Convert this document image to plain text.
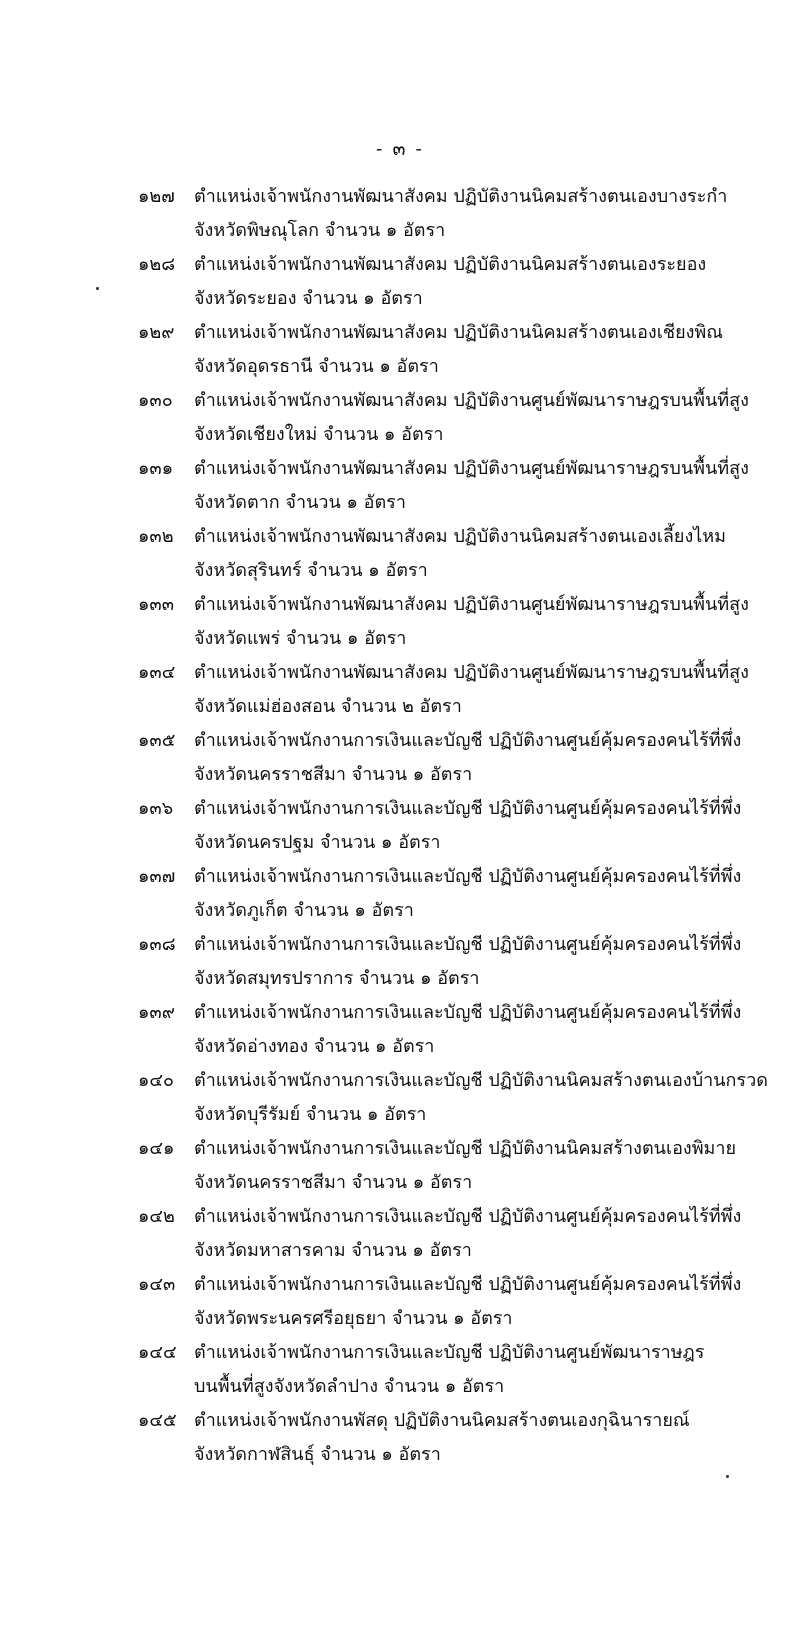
- ๓ -
๑๒๗ ตำแหน่งเจ้าพนักงานพัฒนาสังคม ปฏิบัติงานนิคมสร้างตนเองบางระกำ
จังหวัดพิษณุโลก จำนวน ๑ อัตรา
๑๒๘ ตำแหน่งเจ้าพนักงานพัฒนาสังคม ปฏิบัติงานนิคมสร้างตนเองระยอง
จังหวัดระยอง จำนวน ๑ อัตรา
๑๒๙ ตำแหน่งเจ้าพนักงานพัฒนาสังคม ปฏิบัติงานนิคมสร้างตนเองเชียงพิณ
จังหวัดอุดรธานี จำนวน ๑ อัตรา
๑๓๐ ตำแหน่งเจ้าพนักงานพัฒนาสังคม ปฏิบัติงานศูนย์พัฒนาราษฎรบนพื้นที่สูง
จังหวัดเชียงใหม่ จำนวน ๑ อัตรา
๑๓๑ ตำแหน่งเจ้าพนักงานพัฒนาสังคม ปฏิบัติงานศูนย์พัฒนาราษฎรบนพื้นที่สูง
จังหวัดตาก จำนวน ๑ อัตรา
๑๓๒ ตำแหน่งเจ้าพนักงานพัฒนาสังคม ปฏิบัติงานนิคมสร้างตนเองเลี้ยงไหม
จังหวัดสุรินทร์ จำนวน ๑ อัตรา
๑๓๓ ตำแหน่งเจ้าพนักงานพัฒนาสังคม ปฏิบัติงานศูนย์พัฒนาราษฎรบนพื้นที่สูง
จังหวัดแพร่ จำนวน ๑ อัตรา
๑๓๔ ตำแหน่งเจ้าพนักงานพัฒนาสังคม ปฏิบัติงานศูนย์พัฒนาราษฎรบนพื้นที่สูง
จังหวัดแม่ฮ่องสอน จำนวน ๒ อัตรา
๑๓๕ ตำแหน่งเจ้าพนักงานการเงินและบัญชี ปฏิบัติงานศูนย์คุ้มครองคนไร้ที่พึ่ง
จังหวัดนครราชสีมา จำนวน ๑ อัตรา
๑๓๖ ตำแหน่งเจ้าพนักงานการเงินและบัญชี ปฏิบัติงานศูนย์คุ้มครองคนไร้ที่พึ่ง
จังหวัดนครปฐม จำนวน ๑ อัตรา
๑๓๗ ตำแหน่งเจ้าพนักงานการเงินและบัญชี ปฏิบัติงานศูนย์คุ้มครองคนไร้ที่พึ่ง
จังหวัดภูเก็ต จำนวน ๑ อัตรา
๑๓๘ ตำแหน่งเจ้าพนักงานการเงินและบัญชี ปฏิบัติงานศูนย์คุ้มครองคนไร้ที่พึ่ง
จังหวัดสมุทรปราการ จำนวน ๑ อัตรา
๑๓๙ ตำแหน่งเจ้าพนักงานการเงินและบัญชี ปฏิบัติงานศูนย์คุ้มครองคนไร้ที่พึ่ง
จังหวัดอ่างทอง จำนวน ๑ อัตรา
๑๔๐ ตำแหน่งเจ้าพนักงานการเงินและบัญชี ปฏิบัติงานนิคมสร้างตนเองบ้านกรวด
จังหวัดบุรีรัมย์ จำนวน ๑ อัตรา
๑๔๑ ตำแหน่งเจ้าพนักงานการเงินและบัญชี ปฏิบัติงานนิคมสร้างตนเองพิมาย
จังหวัดนครราชสีมา จำนวน ๑ อัตรา
๑๔๒ ตำแหน่งเจ้าพนักงานการเงินและบัญชี ปฏิบัติงานศูนย์คุ้มครองคนไร้ที่พึ่ง
จังหวัดมหาสารคาม จำนวน ๑ อัตรา
๑๔๓ ตำแหน่งเจ้าพนักงานการเงินและบัญชี ปฏิบัติงานศูนย์คุ้มครองคนไร้ที่พึ่ง
จังหวัดพระนครศรีอยุธยา จำนวน ๑ อัตรา
๑๔๔ ตำแหน่งเจ้าพนักงานการเงินและบัญชี ปฏิบัติงานศูนย์พัฒนาราษฎร
บนพื้นที่สูงจังหวัดลำปาง จำนวน ๑ อัตรา
๑๔๕ ตำแหน่งเจ้าพนักงานพัสดุ ปฏิบัติงานนิคมสร้างตนเองกุฉินารายณ์
จังหวัดกาฬสินธุ์ จำนวน ๑ อัตรา
